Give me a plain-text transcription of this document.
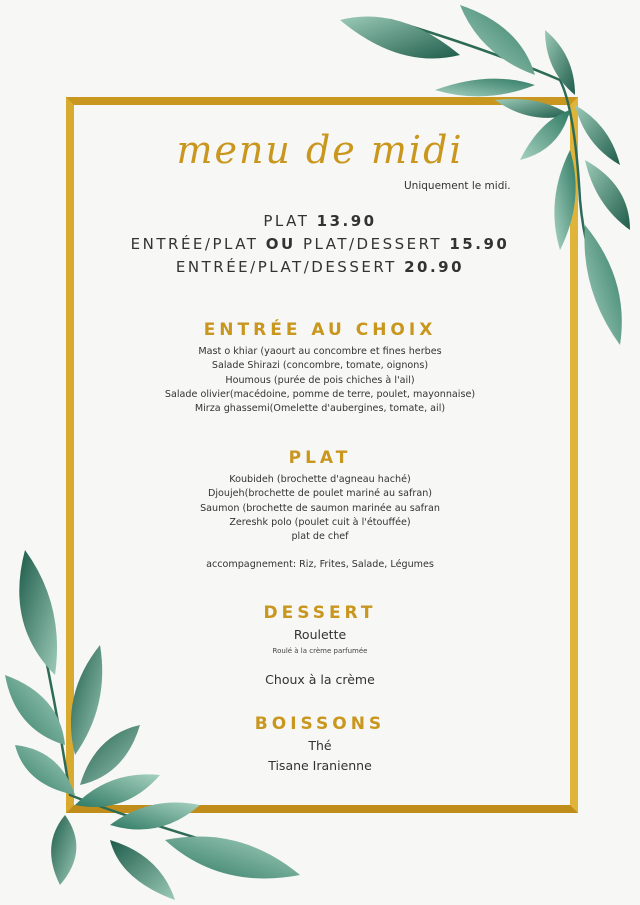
menu de midi
Uniquement le midi.
PLAT 13.90
ENTRÉE/PLAT OU PLAT/DESSERT 15.90
ENTRÉE/PLAT/DESSERT 20.90
ENTRÉE AU CHOIX
Mast o khiar (yaourt au concombre et fines herbes
Salade Shirazi (concombre, tomate, oignons)
Houmous (purée de pois chiches à l'ail)
Salade olivier(macédoine, pomme de terre, poulet, mayonnaise)
Mirza ghassemi(Omelette d'aubergines, tomate, ail)
PLAT
Koubideh (brochette d'agneau haché)
Djoujeh(brochette de poulet mariné au safran)
Saumon (brochette de saumon marinée au safran
Zereshk polo (poulet cuit à l'étouffée)
plat de chef
accompagnement: Riz, Frites, Salade, Légumes
DESSERT
Roulette
Roulé à la crème parfumée
Choux à la crème
BOISSONS
Thé
Tisane Iranienne
